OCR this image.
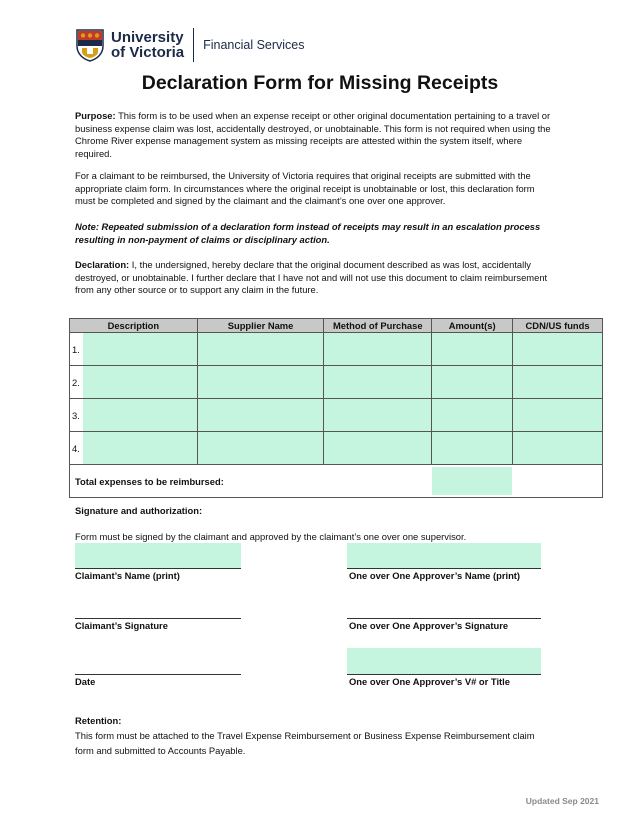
University
of Victoria Financial Services
Declaration Form for Missing Receipts
Purpose: This form is to be used when an expense receipt or other original documentation pertaining to a travel or business expense claim was lost, accidentally destroyed, or unobtainable. This form is not required when using the Chrome River expense management system as missing receipts are attested within the system itself, where required.
For a claimant to be reimbursed, the University of Victoria requires that original receipts are submitted with the appropriate claim form. In circumstances where the original receipt is unobtainable or lost, this declaration form must be completed and signed by the claimant and the claimant’s one over one approver.
Note: Repeated submission of a declaration form instead of receipts may result in an escalation process resulting in non-payment of claims or disciplinary action.
Declaration: I, the undersigned, hereby declare that the original document described as was lost, accidentally destroyed, or unobtainable. I further declare that I have not and will not use this document to claim reimbursement from any other source or to support any claim in the future.
Description		Supplier Name	Method of Purchase	Amount(s)	CDN/US funds
1.					
2.					
3.					
4.					
Total expenses to be reimbursed:				

Signature and authorization:
Form must be signed by the claimant and approved by the claimant’s one over one supervisor.
Claimant’s Name (print)	One over One Approver’s Name (print)
Claimant’s Signature	One over One Approver’s Signature
Date	One over One Approver’s V# or Title
Retention:
This form must be attached to the Travel Expense Reimbursement or Business Expense Reimbursement claim
form and submitted to Accounts Payable.
Updated Sep 2021
